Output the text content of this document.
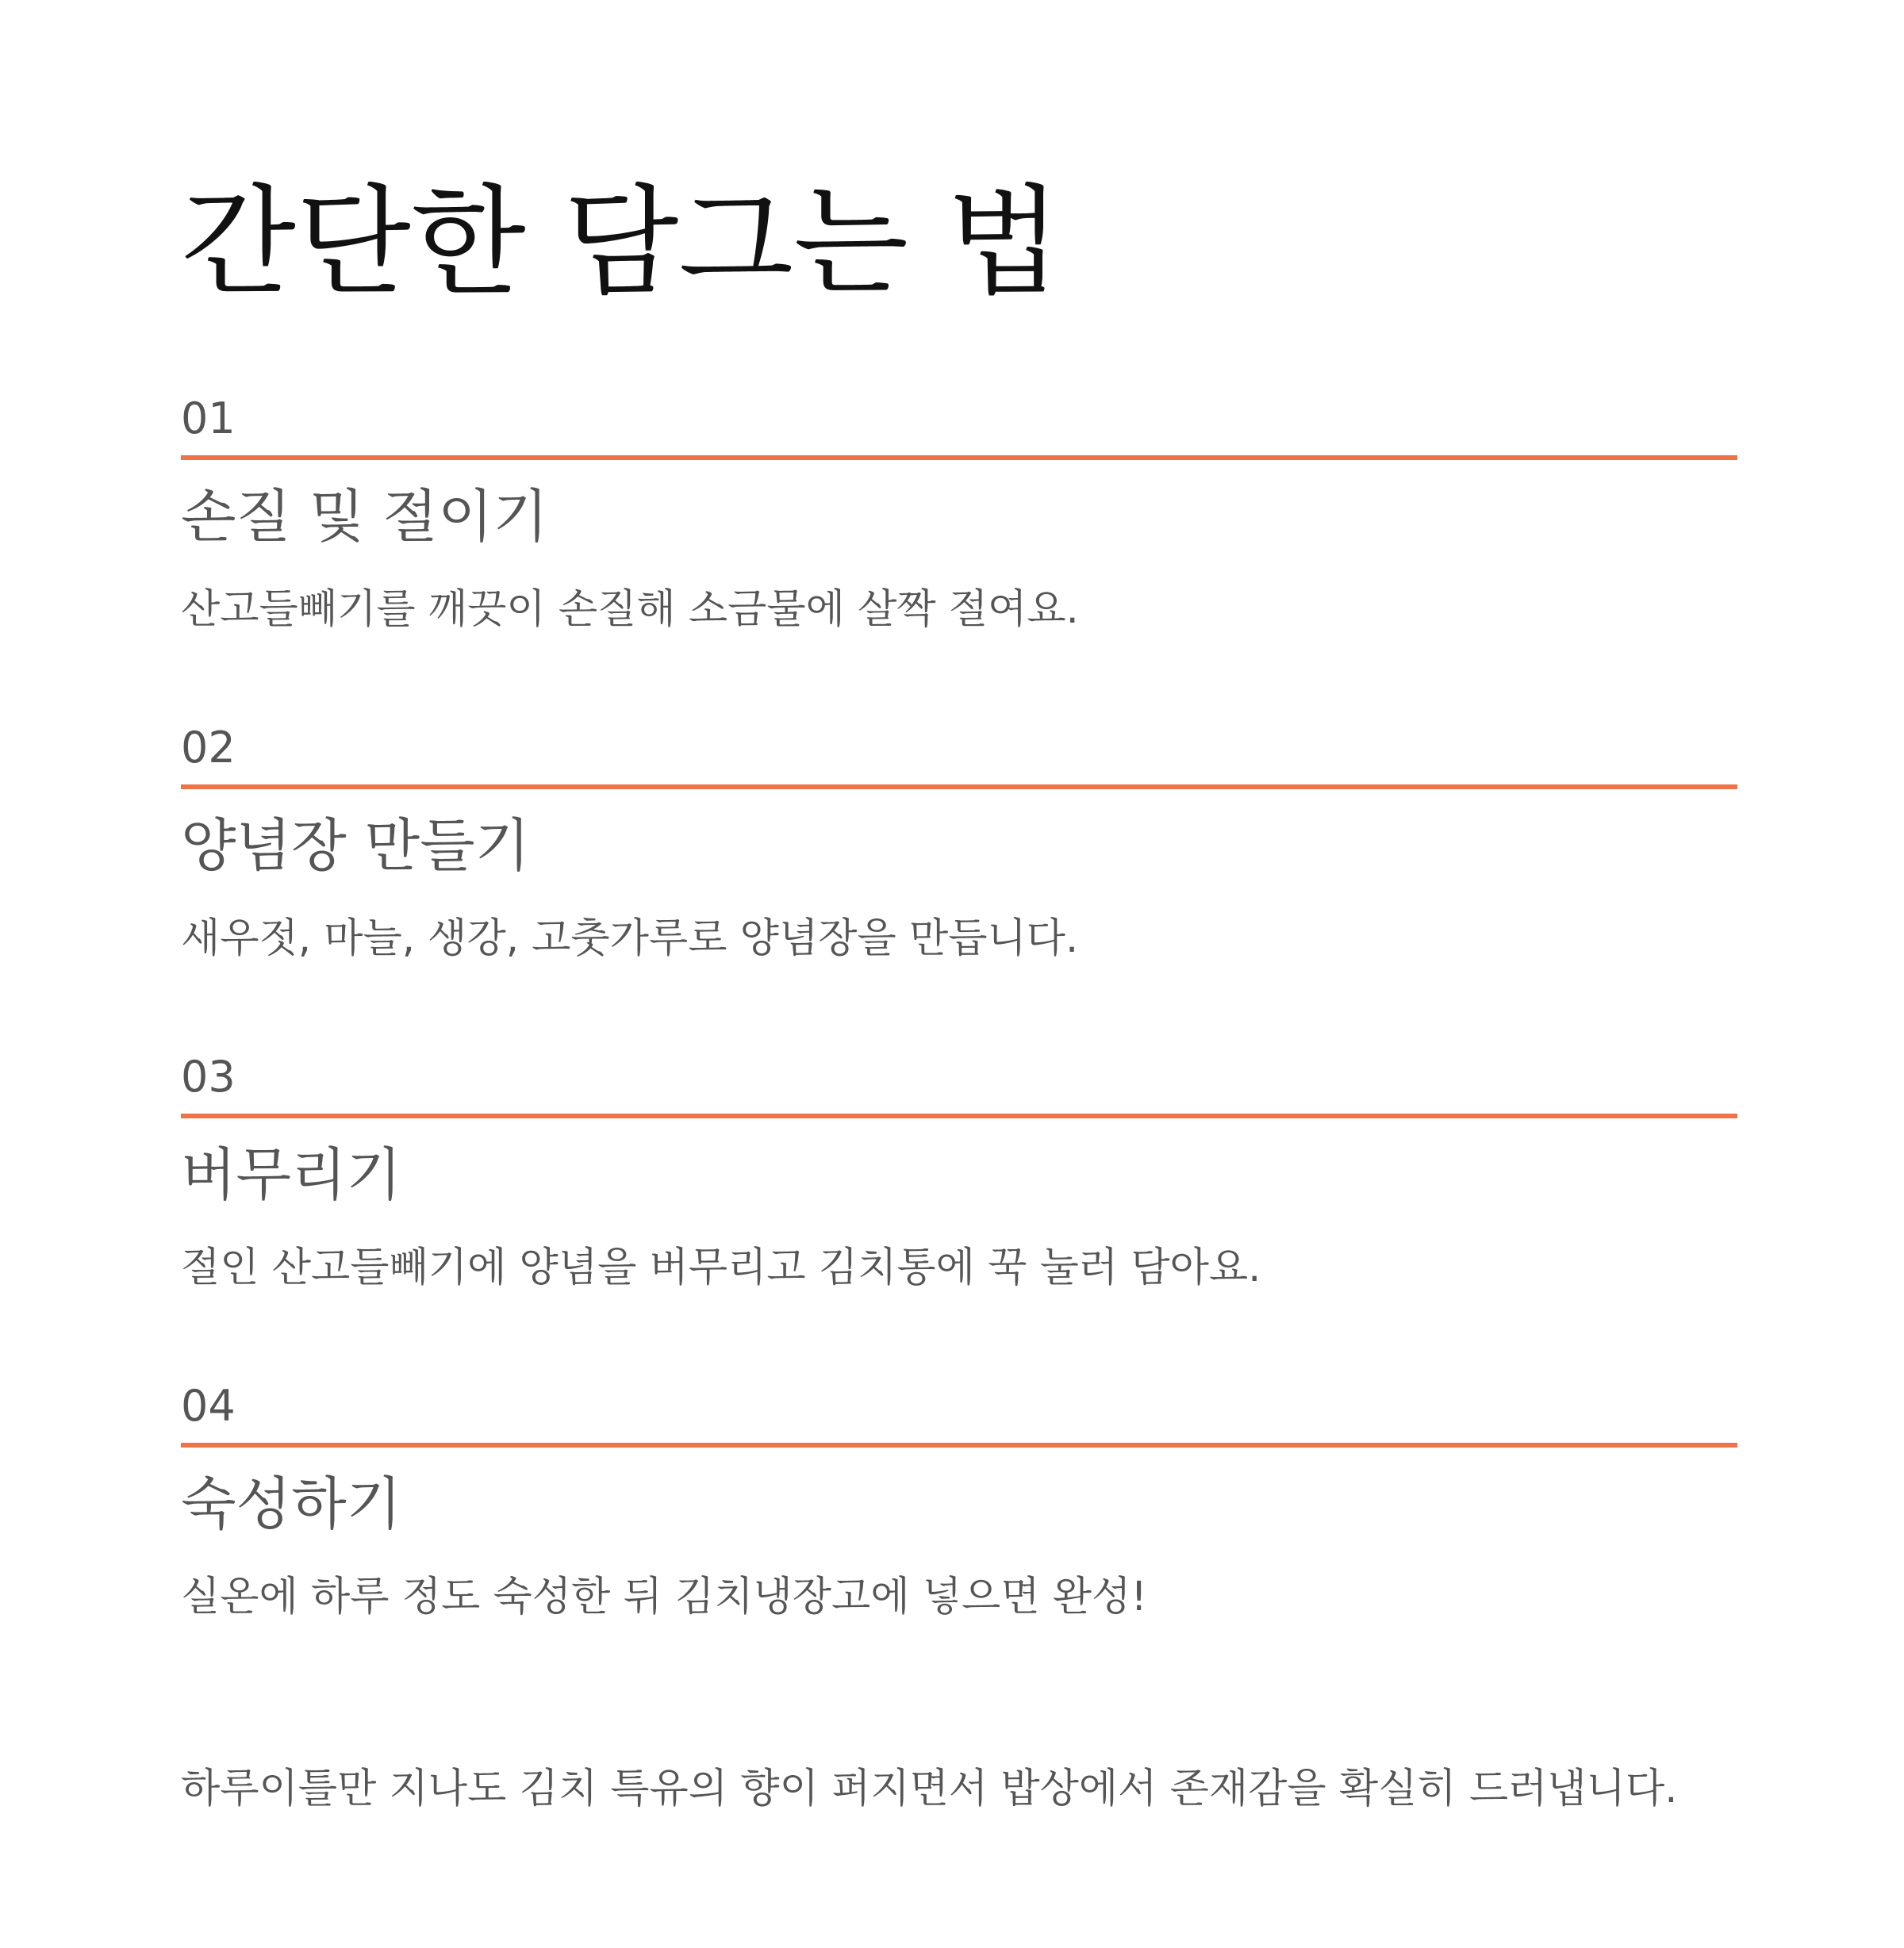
간단한 담그는 법
01
손질 및 절이기
산고들빼기를 깨끗이 손질해 소금물에 살짝 절여요.
02
양념장 만들기
새우젓, 마늘, 생강, 고춧가루로 양념장을 만듭니다.
03
버무리기
절인 산고들빼기에 양념을 버무리고 김치통에 꾹 눌러 담아요.
04
숙성하기
실온에 하루 정도 숙성한 뒤 김치냉장고에 넣으면 완성!

하루이틀만 지나도 김치 특유의 향이 퍼지면서 밥상에서 존재감을 확실히 드러냅니다.
